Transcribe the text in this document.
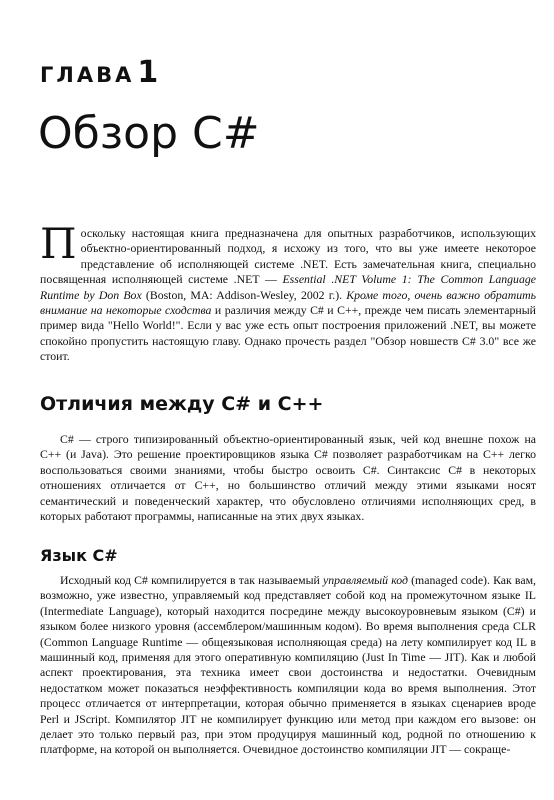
ГЛАВА 1
Обзор C#

Поскольку настоящая книга предназначена для опытных разработчиков, использующих объектно-ориентированный подход, я исхожу из того, что вы уже имеете некоторое представление об исполняющей системе .NET. Есть замечательная книга, специально посвященная исполняющей системе .NET — Essential .NET Volume 1: The Common Language Runtime by Don Box (Boston, MA: Addison-Wesley, 2002 г.). Кроме того, очень важно обратить внимание на некоторые сходства и различия между C# и C++, прежде чем писать элементарный пример вида "Hello World!". Если у вас уже есть опыт построения приложений .NET, вы можете спокойно пропустить настоящую главу. Однако прочесть раздел "Обзор новшеств C# 3.0" все же стоит.

Отличия между C# и C++

C# — строго типизированный объектно-ориентированный язык, чей код внешне похож на C++ (и Java). Это решение проектировщиков языка C# позволяет разработчикам на C++ легко воспользоваться своими знаниями, чтобы быстро освоить C#. Синтаксис C# в некоторых отношениях отличается от C++, но большинство отличий между этими языками носят семантический и поведенческий характер, что обусловлено отличиями исполняющих сред, в которых работают программы, написанные на этих двух языках.

Язык C#

Исходный код C# компилируется в так называемый управляемый код (managed code). Как вам, возможно, уже известно, управляемый код представляет собой код на промежуточном языке IL (Intermediate Language), который находится посредине между высокоуровневым языком (C#) и языком более низкого уровня (ассемблером/машинным кодом). Во время выполнения среда CLR (Common Language Runtime — общеязыковая исполняющая среда) на лету компилирует код IL в машинный код, применяя для этого оперативную компиляцию (Just In Time — JIT). Как и любой аспект проектирования, эта техника имеет свои достоинства и недостатки. Очевидным недостатком может показаться неэффективность компиляции кода во время выполнения. Этот процесс отличается от интерпретации, которая обычно применяется в языках сценариев вроде Perl и JScript. Компилятор JIT не компилирует функцию или метод при каждом его вызове: он делает это только первый раз, при этом продуцируя машинный код, родной по отношению к платформе, на которой он выполняется. Очевидное достоинство компиляции JIT — сокраще-
